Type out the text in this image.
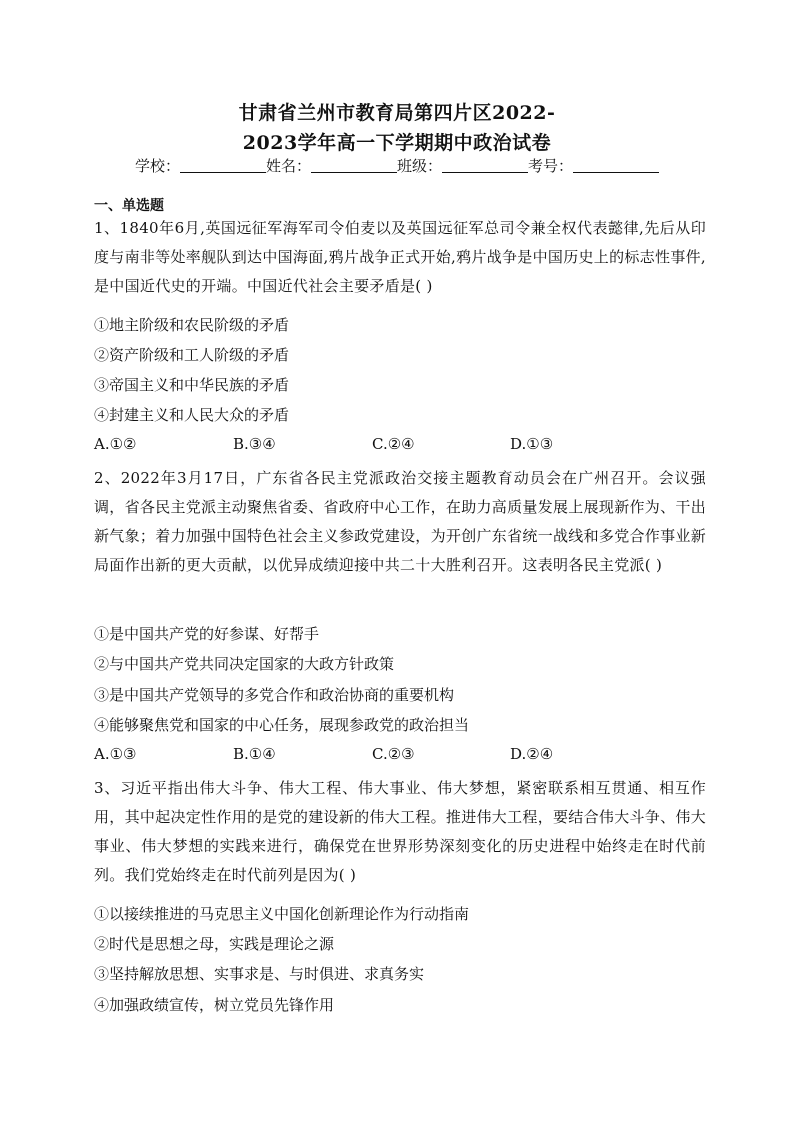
甘肃省兰州市教育局第四片区2022-
2023学年高一下学期期中政治试卷
学校：	姓名：	班级：	考号：
一、单选题
1、1840年6月,英国远征军海军司令伯麦以及英国远征军总司令兼全权代表懿律,先后从印度与南非等处率舰队到达中国海面,鸦片战争正式开始,鸦片战争是中国历史上的标志性事件,是中国近代史的开端。中国近代社会主要矛盾是( )
①地主阶级和农民阶级的矛盾
②资产阶级和工人阶级的矛盾
③帝国主义和中华民族的矛盾
④封建主义和人民大众的矛盾
A.①②	B.③④	C.②④	D.①③
2、2022年3月17日，广东省各民主党派政治交接主题教育动员会在广州召开。会议强调，省各民主党派主动聚焦省委、省政府中心工作，在助力高质量发展上展现新作为、干出新气象；着力加强中国特色社会主义参政党建设，为开创广东省统一战线和多党合作事业新局面作出新的更大贡献，以优异成绩迎接中共二十大胜利召开。这表明各民主党派( )
①是中国共产党的好参谋、好帮手
②与中国共产党共同决定国家的大政方针政策
③是中国共产党领导的多党合作和政治协商的重要机构
④能够聚焦党和国家的中心任务，展现参政党的政治担当
A.①③	B.①④	C.②③	D.②④
3、习近平指出伟大斗争、伟大工程、伟大事业、伟大梦想，紧密联系相互贯通、相互作用，其中起决定性作用的是党的建设新的伟大工程。推进伟大工程，要结合伟大斗争、伟大事业、伟大梦想的实践来进行，确保党在世界形势深刻变化的历史进程中始终走在时代前列。我们党始终走在时代前列是因为( )
①以接续推进的马克思主义中国化创新理论作为行动指南
②时代是思想之母，实践是理论之源
③坚持解放思想、实事求是、与时俱进、求真务实
④加强政绩宣传，树立党员先锋作用
